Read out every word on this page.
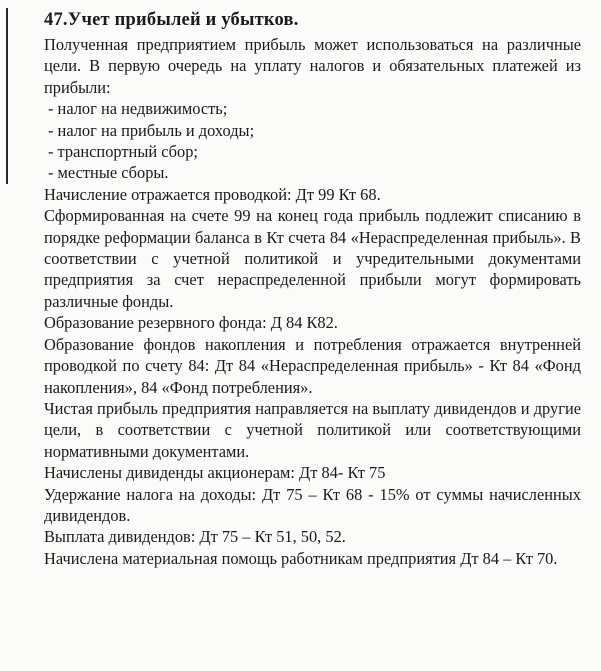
47.Учет прибылей и убытков.

Полученная предприятием прибыль может использоваться на различные цели. В первую очередь на уплату налогов и обязательных платежей из прибыли:

- налог на недвижимость;
- налог на прибыль и доходы;
- транспортный сбор;
- местные сборы.

Начисление отражается проводкой: Дт 99 Кт 68.

Сформированная на счете 99 на конец года прибыль подлежит списанию в порядке реформации баланса в Кт счета 84 «Нераспределенная прибыль». В соответствии с учетной политикой и учредительными документами предприятия за счет нераспределенной прибыли могут формировать различные фонды.

Образование резервного фонда: Д 84 К82.

Образование фондов накопления и потребления отражается внутренней проводкой по счету 84: Дт 84 «Нераспределенная прибыль» - Кт 84 «Фонд накопления», 84 «Фонд потребления».

Чистая прибыль предприятия направляется на выплату дивидендов и другие цели, в соответствии с учетной политикой или соответствующими нормативными документами.

Начислены дивиденды акционерам: Дт 84- Кт 75

Удержание налога на доходы: Дт 75 – Кт 68 - 15% от суммы начисленных дивидендов.

Выплата дивидендов: Дт 75 – Кт 51, 50, 52.

Начислена материальная помощь работникам предприятия Дт 84 – Кт 70.
